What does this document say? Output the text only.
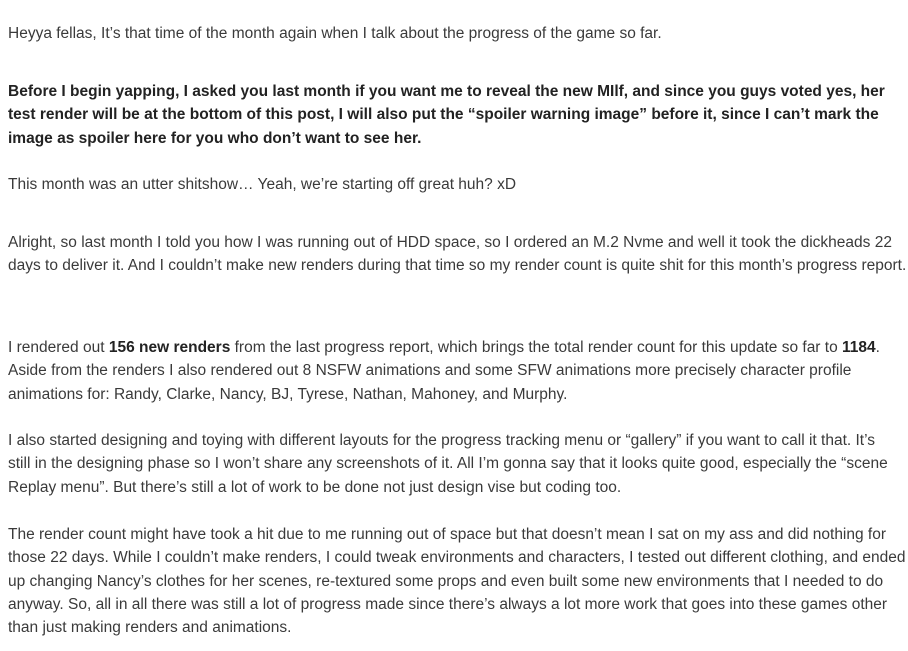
Heyya fellas, It’s that time of the month again when I talk about the progress of the game so far.

Before I begin yapping, I asked you last month if you want me to reveal the new MIlf, and since you guys voted yes, her test render will be at the bottom of this post, I will also put the “spoiler warning image” before it, since I can’t mark the image as spoiler here for you who don’t want to see her.

This month was an utter shitshow… Yeah, we’re starting off great huh? xD

Alright, so last month I told you how I was running out of HDD space, so I ordered an M.2 Nvme and well it took the dickheads 22 days to deliver it. And I couldn’t make new renders during that time so my render count is quite shit for this month’s progress report.

I rendered out 156 new renders from the last progress report, which brings the total render count for this update so far to 1184. Aside from the renders I also rendered out 8 NSFW animations and some SFW animations more precisely character profile animations for: Randy, Clarke, Nancy, BJ, Tyrese, Nathan, Mahoney, and Murphy.

I also started designing and toying with different layouts for the progress tracking menu or “gallery” if you want to call it that. It’s still in the designing phase so I won’t share any screenshots of it. All I’m gonna say that it looks quite good, especially the “scene Replay menu”. But there’s still a lot of work to be done not just design vise but coding too.

The render count might have took a hit due to me running out of space but that doesn’t mean I sat on my ass and did nothing for those 22 days. While I couldn’t make renders, I could tweak environments and characters, I tested out different clothing, and ended up changing Nancy’s clothes for her scenes, re-textured some props and even built some new environments that I needed to do anyway. So, all in all there was still a lot of progress made since there’s always a lot more work that goes into these games other than just making renders and animations.
